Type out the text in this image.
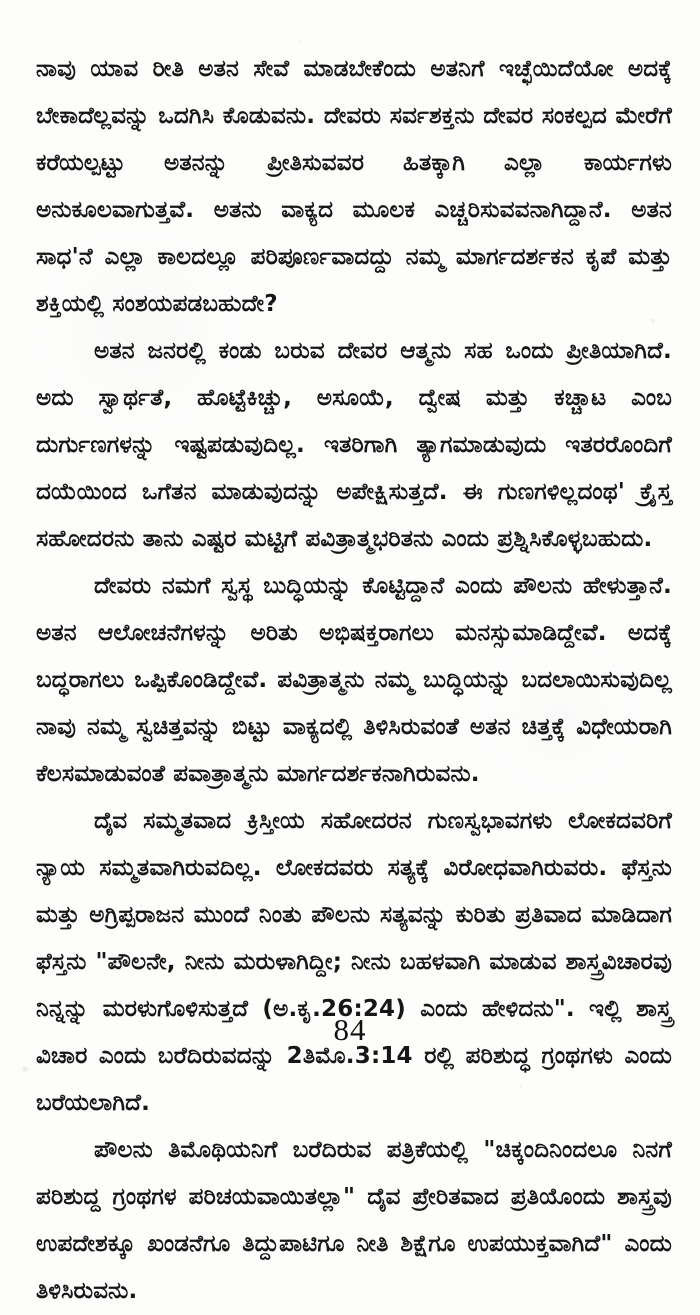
ನಾವು ಯಾವ ರೀತಿ ಅತನ ಸೇವೆ ಮಾಡಬೇಕೆಂದು ಅತನಿಗೆ ಇಚ್ಛೆಯಿದೆಯೋ ಅದಕ್ಕೆ ಬೇಕಾದೆಲ್ಲವನ್ನು ಒದಗಿಸಿ ಕೊಡುವನು. ದೇವರು ಸರ್ವಶಕ್ತನು ದೇವರ ಸಂಕಲ್ಪದ ಮೇರೆಗೆ ಕರೆಯಲ್ಪಟ್ಟು ಅತನನ್ನು ಪ್ರೀತಿಸುವವರ ಹಿತಕ್ಕಾಗಿ ಎಲ್ಲಾ ಕಾರ್ಯಗಳು ಅನುಕೂಲವಾಗುತ್ತವೆ. ಅತನು ವಾಕ್ಯದ ಮೂಲಕ ಎಚ್ಚರಿಸುವವನಾಗಿದ್ದಾನೆ. ಅತನ ಸಾಧ'ನೆ ಎಲ್ಲಾ ಕಾಲದಲ್ಲೂ ಪರಿಪೂರ್ಣವಾದದ್ದು ನಮ್ಮ ಮಾರ್ಗದರ್ಶಕನ ಕೃಪೆ ಮತ್ತು ಶಕ್ತಿಯಲ್ಲಿ ಸಂಶಯಪಡಬಹುದೇ?

ಅತನ ಜನರಲ್ಲಿ ಕಂಡು ಬರುವ ದೇವರ ಆತ್ಮನು ಸಹ ಒಂದು ಪ್ರೀತಿಯಾಗಿದೆ. ಅದು ಸ್ವಾರ್ಥತೆ, ಹೊಟ್ಟೆಕಿಚ್ಚು, ಅಸೂಯೆ, ದ್ವೇಷ ಮತ್ತು ಕಚ್ಚಾಟ ಎಂಬ ದುರ್ಗುಣಗಳನ್ನು ಇಷ್ಟಪಡುವುದಿಲ್ಲ. ಇತರಿಗಾಗಿ ತ್ಯಾಗಮಾಡುವುದು ಇತರರೊಂದಿಗೆ ದಯೆಯಿಂದ ಒಗೆತನ ಮಾಡುವುದನ್ನು ಅಪೇಕ್ಷಿಸುತ್ತದೆ. ಈ ಗುಣಗಳಿಲ್ಲದಂಥ' ಕ್ರೈಸ್ತ ಸಹೋದರನು ತಾನು ಎಷ್ಟರ ಮಟ್ಟಿಗೆ ಪವಿತ್ರಾತ್ಮಭರಿತನು ಎಂದು ಪ್ರಶ್ನಿಸಿಕೊಳ್ಳಬಹುದು.

ದೇವರು ನಮಗೆ ಸ್ವಸ್ಥ ಬುದ್ಧಿಯನ್ನು ಕೊಟ್ಟಿದ್ದಾನೆ ಎಂದು ಪೌಲನು ಹೇಳುತ್ತಾನೆ. ಅತನ ಆಲೋಚನೆಗಳನ್ನು ಅರಿತು ಅಭಿಷಕ್ತರಾಗಲು ಮನಸ್ಸುಮಾಡಿದ್ದೇವೆ. ಅದಕ್ಕೆ ಬದ್ಧರಾಗಲು ಒಪ್ಪಿಕೊಂಡಿದ್ದೇವೆ. ಪವಿತ್ರಾತ್ಮನು ನಮ್ಮ ಬುದ್ಧಿಯನ್ನು ಬದಲಾಯಿಸುವುದಿಲ್ಲ ನಾವು ನಮ್ಮ ಸ್ವಚಿತ್ತವನ್ನು ಬಿಟ್ಟು ವಾಕ್ಯದಲ್ಲಿ ತಿಳಿಸಿರುವಂತೆ ಅತನ ಚಿತ್ತಕ್ಕೆ ವಿಧೇಯರಾಗಿ ಕೆಲಸಮಾಡುವಂತೆ ಪವಾತ್ರಾತ್ಮನು ಮಾರ್ಗದರ್ಶಕನಾಗಿರುವನು.

ದೈವ ಸಮ್ಮತವಾದ ಕ್ರಿಸ್ತೀಯ ಸಹೋದರನ ಗುಣಸ್ವಭಾವಗಳು ಲೋಕದವರಿಗೆ ನ್ಯಾಯ ಸಮ್ಮತವಾಗಿರುವದಿಲ್ಲ. ಲೋಕದವರು ಸತ್ಯಕ್ಕೆ ವಿರೋಧವಾಗಿರುವರು. ಫೆಸ್ತನು ಮತ್ತು ಅಗ್ರಿಪ್ಪರಾಜನ ಮುಂದೆ ನಿಂತು ಪೌಲನು ಸತ್ಯವನ್ನು ಕುರಿತು ಪ್ರತಿವಾದ ಮಾಡಿದಾಗ ಫೆಸ್ತನು "ಪೌಲನೇ, ನೀನು ಮರುಳಾಗಿದ್ದೀ; ನೀನು ಬಹಳವಾಗಿ ಮಾಡುವ ಶಾಸ್ತ್ರವಿಚಾರವು ನಿನ್ನನ್ನು ಮರಳುಗೊಳಿಸುತ್ತದೆ (ಅ.ಕೃ.26:24) ಎಂದು ಹೇಳಿದನು". ಇಲ್ಲಿ ಶಾಸ್ತ್ರ ವಿಚಾರ ಎಂದು ಬರೆದಿರುವದನ್ನು 2ತಿಮೊ.3:14 ರಲ್ಲಿ ಪರಿಶುದ್ಧ ಗ್ರಂಥಗಳು ಎಂದು ಬರೆಯಲಾಗಿದೆ.

ಪೌಲನು ತಿಮೊಥಿಯನಿಗೆ ಬರೆದಿರುವ ಪತ್ರಿಕೆಯಲ್ಲಿ "ಚಿಕ್ಕಂದಿನಿಂದಲೂ ನಿನಗೆ ಪರಿಶುದ್ದ ಗ್ರಂಥಗಳ ಪರಿಚಯವಾಯಿತಲ್ಲಾ" ದೈವ ಪ್ರೇರಿತವಾದ ಪ್ರತಿಯೊಂದು ಶಾಸ್ತ್ರವು ಉಪದೇಶಕ್ಕೂ ಖಂಡನೆಗೂ ತಿದ್ದುಪಾಟಿಗೂ ನೀತಿ ಶಿಕ್ಷೆಗೂ ಉಪಯುಕ್ತವಾಗಿದೆ" ಎಂದು ತಿಳಿಸಿರುವನು.

84
